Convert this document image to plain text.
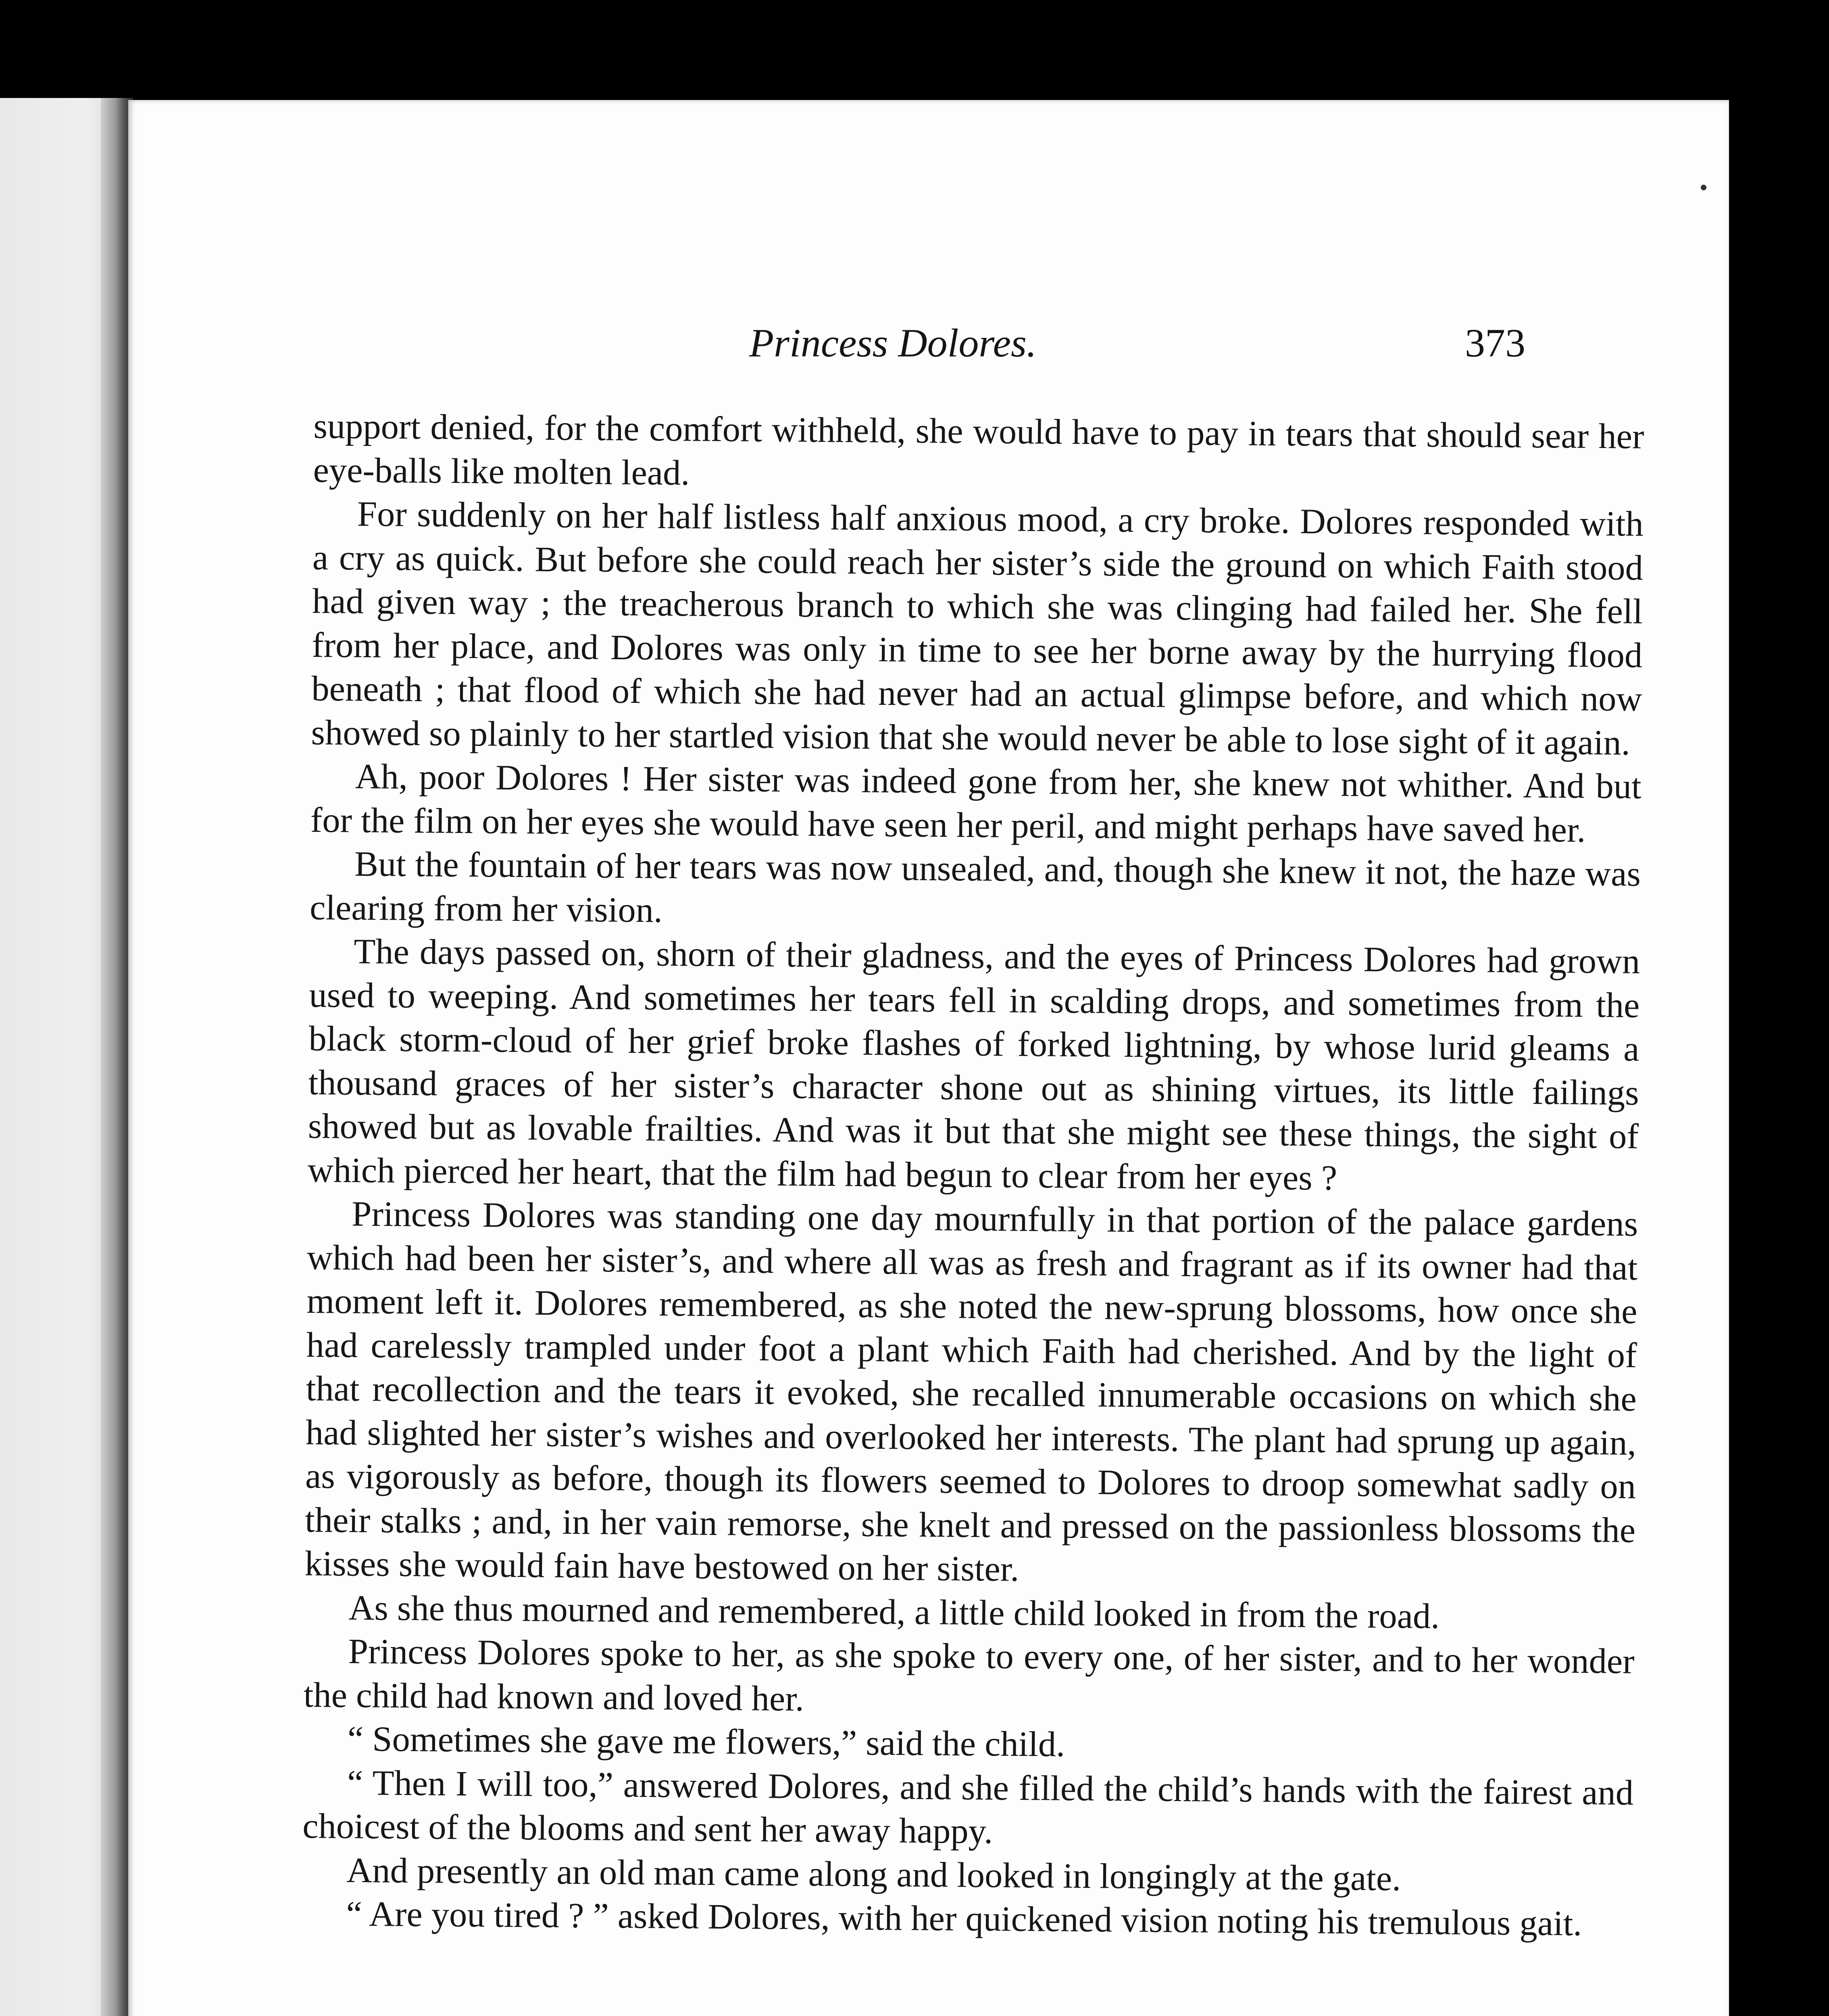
Princess Dolores.	373

support denied, for the comfort withheld, she would have to pay in tears that should sear her eye-balls like molten lead.

For suddenly on her half listless half anxious mood, a cry broke. Dolores responded with a cry as quick. But before she could reach her sister’s side the ground on which Faith stood had given way ; the treacherous branch to which she was clinging had failed her. She fell from her place, and Dolores was only in time to see her borne away by the hurrying flood beneath ; that flood of which she had never had an actual glimpse before, and which now showed so plainly to her startled vision that she would never be able to lose sight of it again.

Ah, poor Dolores ! Her sister was indeed gone from her, she knew not whither. And but for the film on her eyes she would have seen her peril, and might perhaps have saved her.

But the fountain of her tears was now unsealed, and, though she knew it not, the haze was clearing from her vision.

The days passed on, shorn of their gladness, and the eyes of Princess Dolores had grown used to weeping. And sometimes her tears fell in scalding drops, and sometimes from the black storm-cloud of her grief broke flashes of forked lightning, by whose lurid gleams a thousand graces of her sister’s character shone out as shining virtues, its little failings showed but as lovable frailties. And was it but that she might see these things, the sight of which pierced her heart, that the film had begun to clear from her eyes ?

Princess Dolores was standing one day mournfully in that portion of the palace gardens which had been her sister’s, and where all was as fresh and fragrant as if its owner had that moment left it. Dolores remembered, as she noted the new-sprung blossoms, how once she had carelessly trampled under foot a plant which Faith had cherished. And by the light of that recollection and the tears it evoked, she recalled innumerable occasions on which she had slighted her sister’s wishes and overlooked her interests. The plant had sprung up again, as vigorously as before, though its flowers seemed to Dolores to droop somewhat sadly on their stalks ; and, in her vain remorse, she knelt and pressed on the passionless blossoms the kisses she would fain have bestowed on her sister.

As she thus mourned and remembered, a little child looked in from the road.

Princess Dolores spoke to her, as she spoke to every one, of her sister, and to her wonder the child had known and loved her.

“ Sometimes she gave me flowers,” said the child.

“ Then I will too,” answered Dolores, and she filled the child’s hands with the fairest and choicest of the blooms and sent her away happy.

And presently an old man came along and looked in longingly at the gate.

“ Are you tired ? ” asked Dolores, with her quickened vision noting his tremulous gait.
